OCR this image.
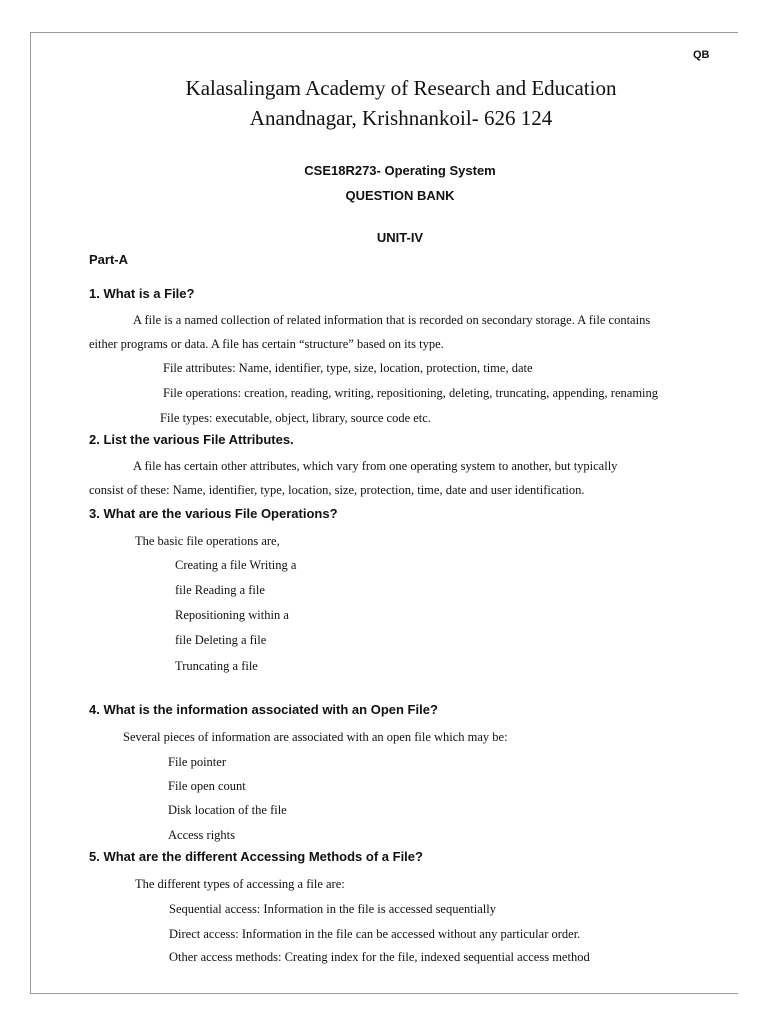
QB
Kalasalingam Academy of Research and Education
Anandnagar, Krishnankoil- 626 124
CSE18R273- Operating System
QUESTION BANK
UNIT-IV
Part-A
1. What is a File?
A file is a named collection of related information that is recorded on secondary storage. A file contains
either programs or data. A file has certain “structure” based on its type.
File attributes: Name, identifier, type, size, location, protection, time, date
File operations: creation, reading, writing, repositioning, deleting, truncating, appending, renaming
File types: executable, object, library, source code etc.
2. List the various File Attributes.
A file has certain other attributes, which vary from one operating system to another, but typically
consist of these: Name, identifier, type, location, size, protection, time, date and user identification.
3. What are the various File Operations?
The basic file operations are,
Creating a file Writing a
file Reading a file
Repositioning within a
file Deleting a file
Truncating a file
4. What is the information associated with an Open File?
Several pieces of information are associated with an open file which may be:
File pointer
File open count
Disk location of the file
Access rights
5. What are the different Accessing Methods of a File?
The different types of accessing a file are:
Sequential access: Information in the file is accessed sequentially
Direct access: Information in the file can be accessed without any particular order.
Other access methods: Creating index for the file, indexed sequential access method
